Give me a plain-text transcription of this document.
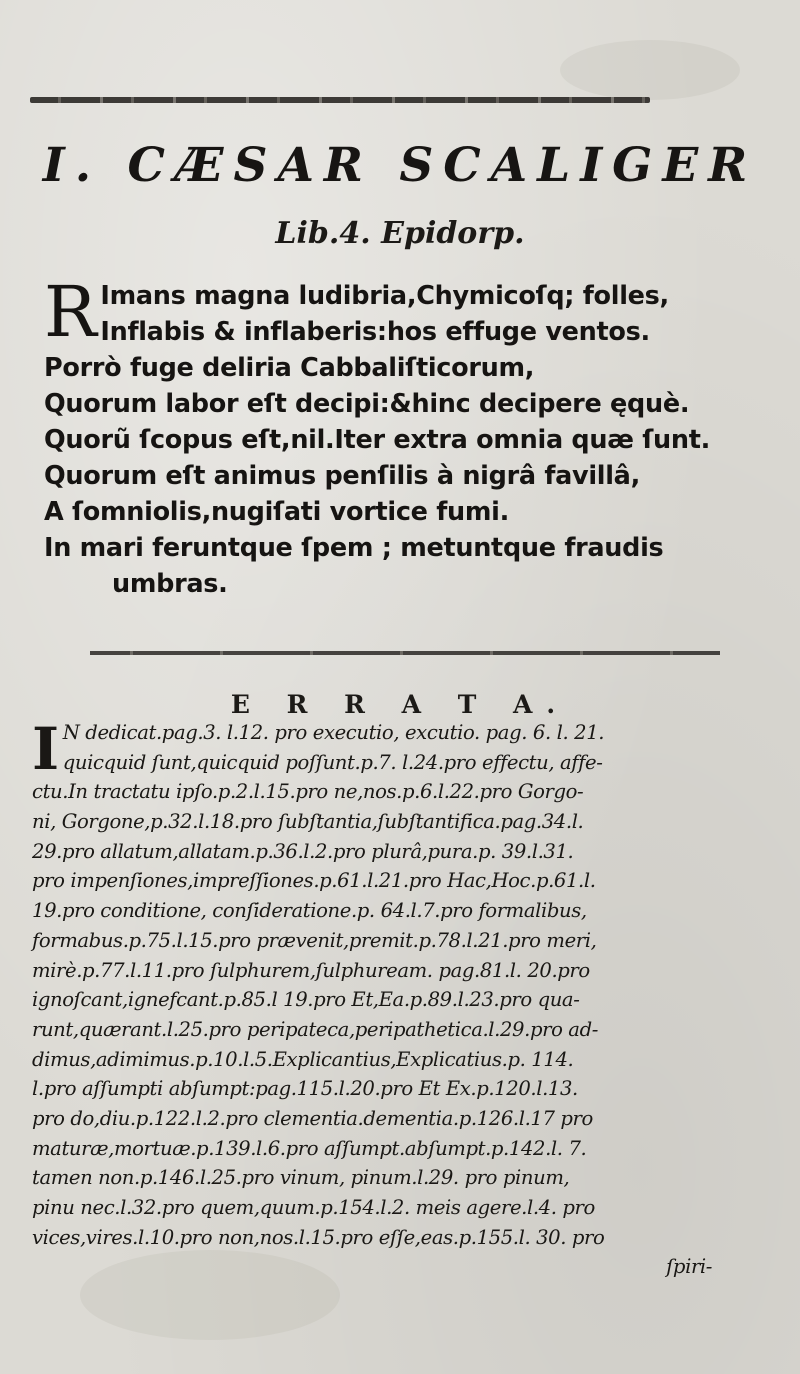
I. CÆSAR SCALIGER
Lib.4. Epidorp.
R Imans magna ludibria,Chymicoſq; folles,
Inflabis & inflaberis:hos effuge ventos.
Porrò fuge deliria Cabbaliſticorum,
Quorum labor eſt decipi:&hinc decipere ęquè.
Quorũ ſcopus eſt,nil.Iter extra omnia quæ ſunt.
Quorum eſt animus penſilis à nigrâ favillâ,
A ſomniolis,nugiſati vortice fumi.
In mari feruntque ſpem ; metuntque fraudis
umbras.
E R R A T A.
I N dedicat.pag.3. l.12. pro executio, excutio. pag. 6. l. 21.
quicquid ſunt,quicquid poſſunt.p.7. l.24.pro effectu, affe-
ctu.In tractatu ipſo.p.2.l.15.pro ne,nos.p.6.l.22.pro Gorgo-
ni, Gorgone,p.32.l.18.pro ſubſtantia,ſubſtantifica.pag.34.l.
29.pro allatum,allatam.p.36.l.2.pro plurâ,pura.p. 39.l.31.
pro impenſiones,impreſſiones.p.61.l.21.pro Hac,Hoc.p.61.l.
19.pro conditione, conſideratione.p. 64.l.7.pro formalibus,
formabus.p.75.l.15.pro prævenit,premit.p.78.l.21.pro meri,
mirè.p.77.l.11.pro ſulphurem,ſulphuream. pag.81.l. 20.pro
ignoſcant,ignefcant.p.85.l 19.pro Et,Ea.p.89.l.23.pro qua-
runt,quærant.l.25.pro peripateca,peripathetica.l.29.pro ad-
dimus,adimimus.p.10.l.5.Explicantius,Explicatius.p. 114.
l.pro aſſumpti abſumpt:pag.115.l.20.pro Et Ex.p.120.l.13.
pro do,diu.p.122.l.2.pro clementia.dementia.p.126.l.17 pro
maturæ,mortuæ.p.139.l.6.pro aſſumpt.abſumpt.p.142.l. 7.
tamen non.p.146.l.25.pro vinum, pinum.l.29. pro pinum,
pinu nec.l.32.pro quem,quum.p.154.l.2. meis agere.l.4. pro
vices,vires.l.10.pro non,nos.l.15.pro eſſe,eas.p.155.l. 30. pro
ſpiri-
